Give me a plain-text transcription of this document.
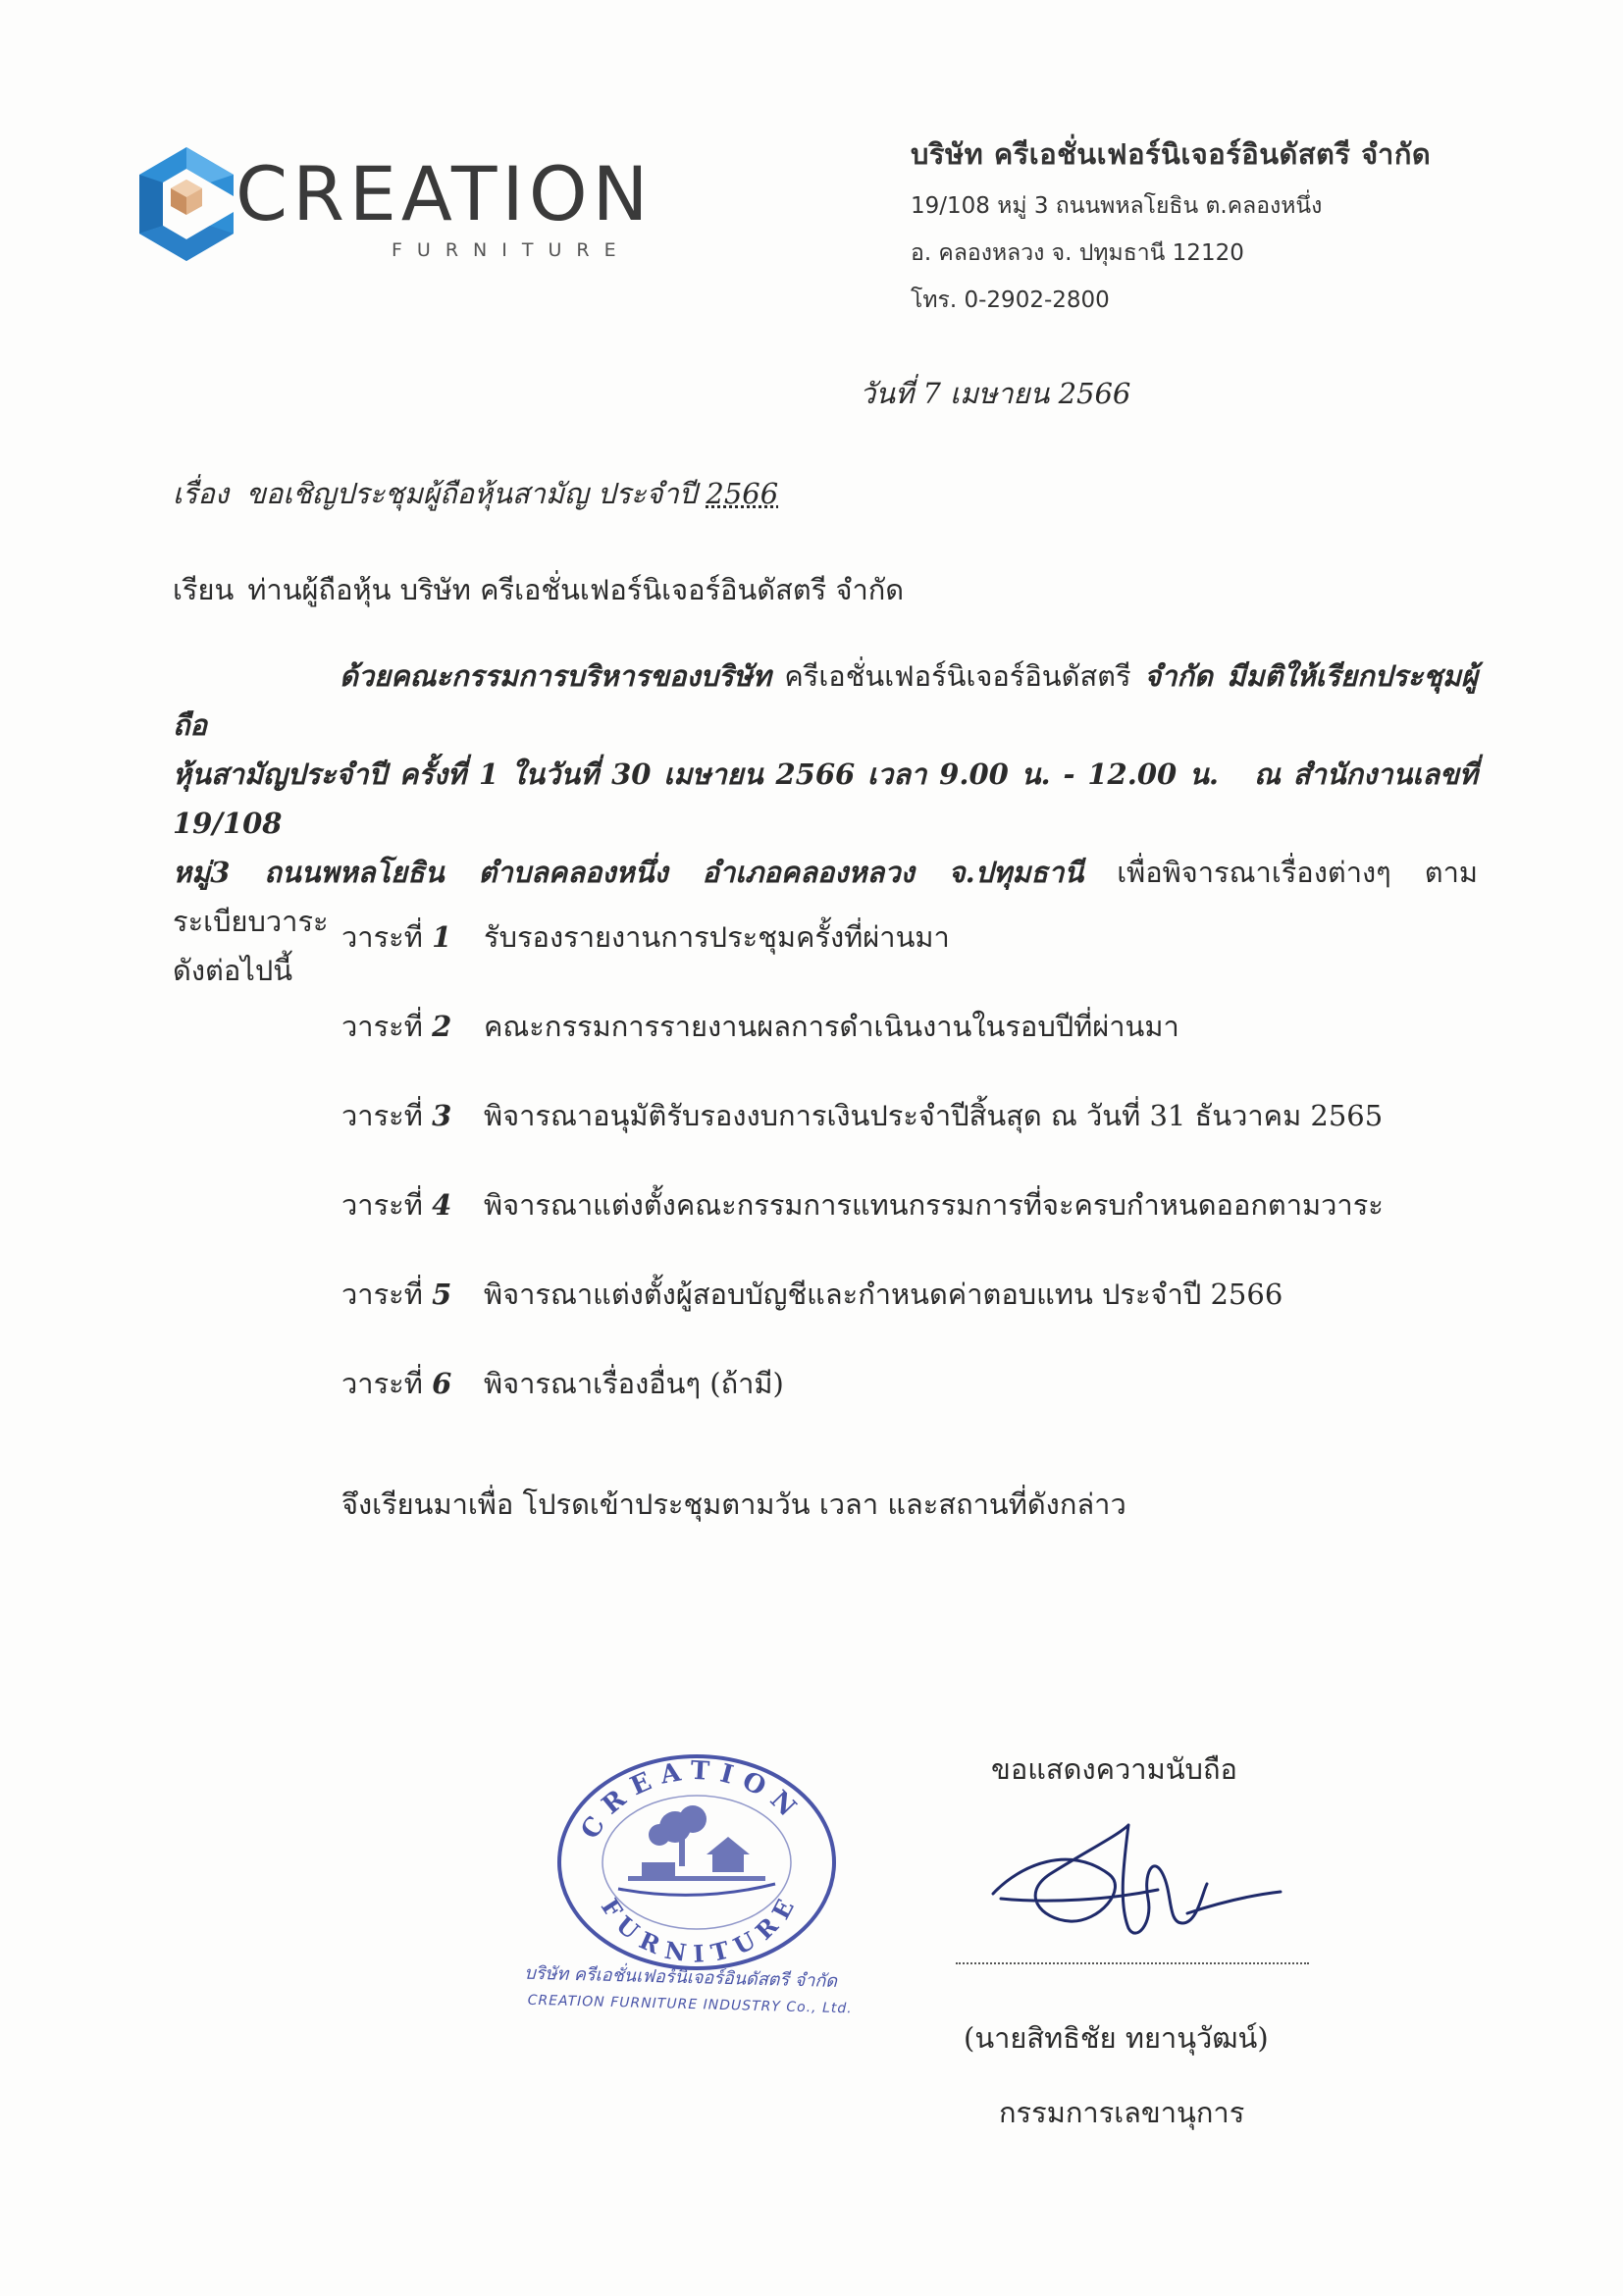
CREATION
FURNITURE
บริษัท ครีเอชั่นเฟอร์นิเจอร์อินดัสตรี จำกัด
19/108 หมู่ 3 ถนนพหลโยธิน ต.คลองหนึ่ง
อ. คลองหลวง จ. ปทุมธานี 12120
โทร. 0-2902-2800
วันที่ 7 เมษายน 2566
เรื่อง ขอเชิญประชุมผู้ถือหุ้นสามัญ ประจำปี 2566
เรียน ท่านผู้ถือหุ้น บริษัท ครีเอชั่นเฟอร์นิเจอร์อินดัสตรี จำกัด
ด้วยคณะกรรมการบริหารของบริษัท ครีเอชั่นเฟอร์นิเจอร์อินดัสตรี จำกัด มีมติให้เรียกประชุมผู้ถือ
หุ้นสามัญประจำปี ครั้งที่ 1 ในวันที่ 30 เมษายน 2566 เวลา 9.00 น. - 12.00 น. ณ สำนักงานเลขที่ 19/108
หมู่3 ถนนพหลโยธิน ตำบลคลองหนึ่ง อำเภอคลองหลวง จ.ปทุมธานี เพื่อพิจารณาเรื่องต่างๆ ตามระเบียบวาระ
ดังต่อไปนี้
วาระที่ 1	รับรองรายงานการประชุมครั้งที่ผ่านมา
วาระที่ 2	คณะกรรมการรายงานผลการดำเนินงานในรอบปีที่ผ่านมา
วาระที่ 3	พิจารณาอนุมัติรับรองงบการเงินประจำปีสิ้นสุด ณ วันที่ 31 ธันวาคม 2565
วาระที่ 4	พิจารณาแต่งตั้งคณะกรรมการแทนกรรมการที่จะครบกำหนดออกตามวาระ
วาระที่ 5	พิจารณาแต่งตั้งผู้สอบบัญชีและกำหนดค่าตอบแทน ประจำปี 2566
วาระที่ 6	พิจารณาเรื่องอื่นๆ (ถ้ามี)
จึงเรียนมาเพื่อ โปรดเข้าประชุมตามวัน เวลา และสถานที่ดังกล่าว
CREATION
FURNITURE
บริษัท ครีเอชั่นเฟอร์นิเจอร์อินดัสตรี จำกัด
CREATION FURNITURE INDUSTRY Co., Ltd.
ขอแสดงความนับถือ
(นายสิทธิชัย ทยานุวัฒน์)
กรรมการเลขานุการ
